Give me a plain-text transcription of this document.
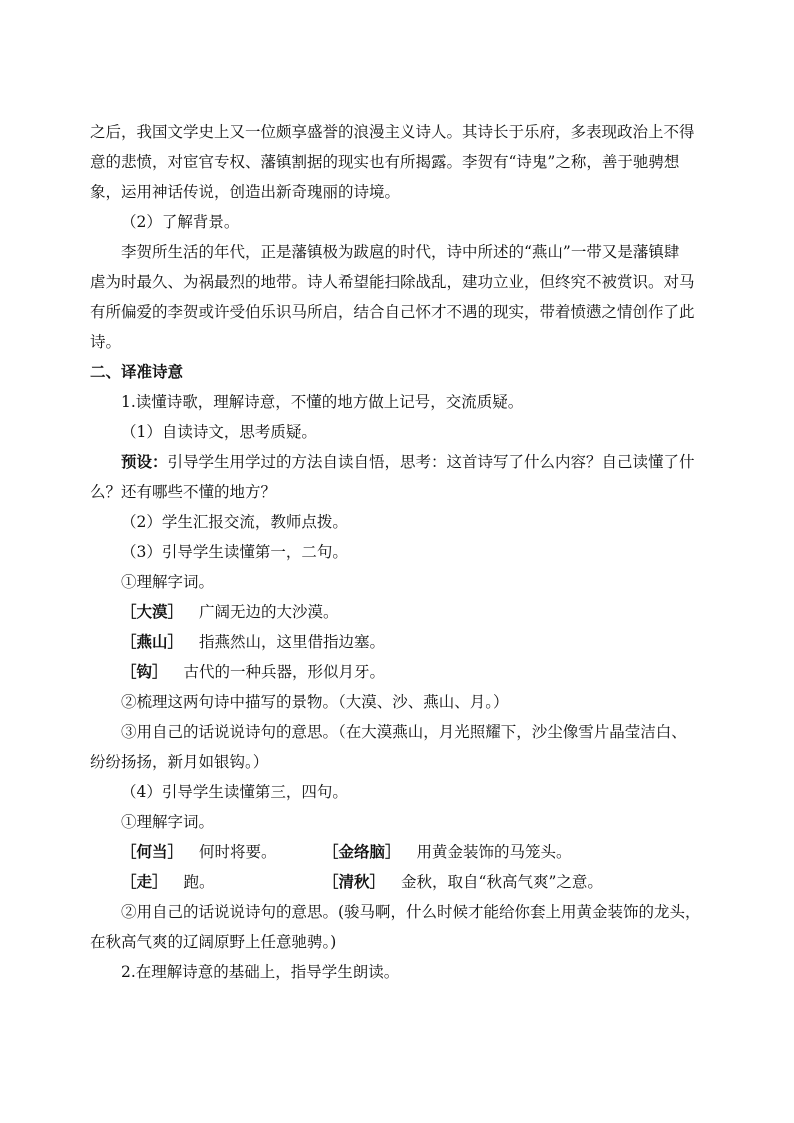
之后，我国文学史上又一位颇享盛誉的浪漫主义诗人。其诗长于乐府，多表现政治上不得
意的悲愤，对宦官专权、藩镇割据的现实也有所揭露。李贺有“诗鬼”之称，善于驰骋想
象，运用神话传说，创造出新奇瑰丽的诗境。
（2）了解背景。
李贺所生活的年代，正是藩镇极为跋扈的时代，诗中所述的“燕山”一带又是藩镇肆
虐为时最久、为祸最烈的地带。诗人希望能扫除战乱，建功立业，但终究不被赏识。对马
有所偏爱的李贺或许受伯乐识马所启，结合自己怀才不遇的现实，带着愤懑之情创作了此
诗。
二、译准诗意
1.读懂诗歌，理解诗意，不懂的地方做上记号，交流质疑。
（1）自读诗文，思考质疑。
预设：引导学生用学过的方法自读自悟，思考：这首诗写了什么内容？自己读懂了什
么？还有哪些不懂的地方？
（2）学生汇报交流，教师点拨。
（3）引导学生读懂第一，二句。
①理解字词。
［大漠］ 广阔无边的大沙漠。
［燕山］ 指燕然山，这里借指边塞。
［钩］ 古代的一种兵器，形似月牙。
②梳理这两句诗中描写的景物。（大漠、沙、燕山、月。）
③用自己的话说说诗句的意思。（在大漠燕山，月光照耀下，沙尘像雪片晶莹洁白、
纷纷扬扬，新月如银钩。）
（4）引导学生读懂第三，四句。
①理解字词。
［何当］ 何时将要。	［金络脑］ 用黄金装饰的马笼头。
［走］ 跑。	［清秋］ 金秋，取自“秋高气爽”之意。
②用自己的话说说诗句的意思。(骏马啊，什么时候才能给你套上用黄金装饰的龙头，
在秋高气爽的辽阔原野上任意驰骋。)
2.在理解诗意的基础上，指导学生朗读。
